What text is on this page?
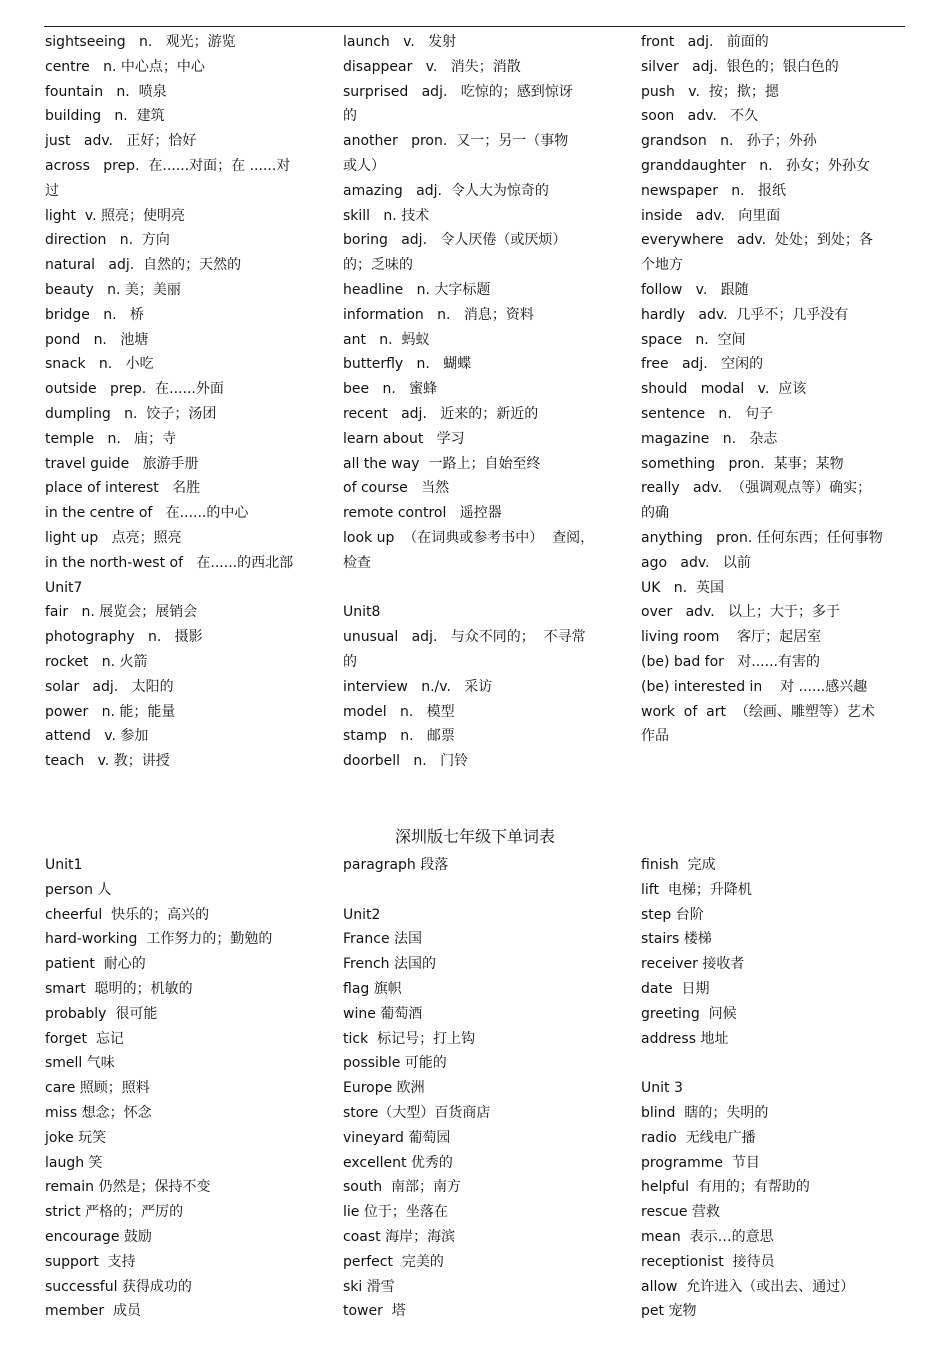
sightseeing   n.   观光；游览
centre   n. 中心点；中心
fountain   n.  喷泉
building   n.  建筑
just   adv.   正好；恰好
across   prep.  在......对面；在 ......对
过
light  v. 照亮；使明亮
direction   n.  方向
natural   adj.  自然的；天然的
beauty   n. 美；美丽
bridge   n.   桥
pond   n.   池塘
snack   n.   小吃
outside   prep.  在......外面
dumpling   n.  饺子；汤团
temple   n.   庙；寺
travel guide   旅游手册
place of interest   名胜
in the centre of   在......的中心
light up   点亮；照亮
in the north-west of   在......的西北部
Unit7
fair   n. 展览会；展销会
photography   n.   摄影
rocket   n. 火箭
solar   adj.   太阳的
power   n. 能；能量
attend   v. 参加
teach   v. 教；讲授
launch   v.   发射
disappear   v.   消失；消散
surprised   adj.   吃惊的；感到惊讶
的
another   pron.  又一；另一（事物
或人）
amazing   adj.  令人大为惊奇的
skill   n. 技术
boring   adj.   令人厌倦（或厌烦）
的；乏味的
headline   n. 大字标题
information   n.   消息；资料
ant   n.  蚂蚁
butterfly   n.   蝴蝶
bee   n.   蜜蜂
recent   adj.   近来的；新近的
learn about   学习
all the way  一路上；自始至终
of course   当然
remote control   遥控器
look up  （在词典或参考书中）  查阅，
检查
Unit8
unusual   adj.   与众不同的；  不寻常
的
interview   n./v.   采访
model   n.   模型
stamp   n.   邮票
doorbell   n.   门铃
front   adj.   前面的
silver   adj.  银色的；银白色的
push   v.  按；揿；摁
soon   adv.   不久
grandson   n.   孙子；外孙
granddaughter   n.   孙女；外孙女
newspaper   n.   报纸
inside   adv.   向里面
everywhere   adv.  处处；到处；各
个地方
follow   v.   跟随
hardly   adv.  几乎不；几乎没有
space   n.  空间
free   adj.   空闲的
should   modal   v.  应该
sentence   n.   句子
magazine   n.   杂志
something   pron.  某事；某物
really   adv.  （强调观点等）确实；
的确
anything   pron. 任何东西；任何事物
ago   adv.   以前
UK   n.  英国
over   adv.   以上；大于；多于
living room    客厅；起居室
(be) bad for   对......有害的
(be) interested in    对 ......感兴趣
work  of  art  （绘画、雕塑等）艺术
作品
深圳版七年级下单词表
Unit1
person 人
cheerful  快乐的；高兴的
hard-working  工作努力的；勤勉的
patient  耐心的
smart  聪明的；机敏的
probably  很可能
forget  忘记
smell 气味
care 照顾；照料
miss 想念；怀念
joke 玩笑
laugh 笑
remain 仍然是；保持不变
strict 严格的；严厉的
encourage 鼓励
support  支持
successful 获得成功的
member  成员
paragraph 段落
Unit2
France 法国
French 法国的
flag 旗帜
wine 葡萄酒
tick  标记号；打上钩
possible 可能的
Europe 欧洲
store（大型）百货商店
vineyard 葡萄园
excellent 优秀的
south  南部；南方
lie 位于；坐落在
coast 海岸；海滨
perfect  完美的
ski 滑雪
tower  塔
finish  完成
lift  电梯；升降机
step 台阶
stairs 楼梯
receiver 接收者
date  日期
greeting  问候
address 地址
Unit 3
blind  瞎的；失明的
radio  无线电广播
programme  节目
helpful  有用的；有帮助的
rescue 营救
mean  表示…的意思
receptionist  接待员
allow  允许进入（或出去、通过）
pet 宠物
